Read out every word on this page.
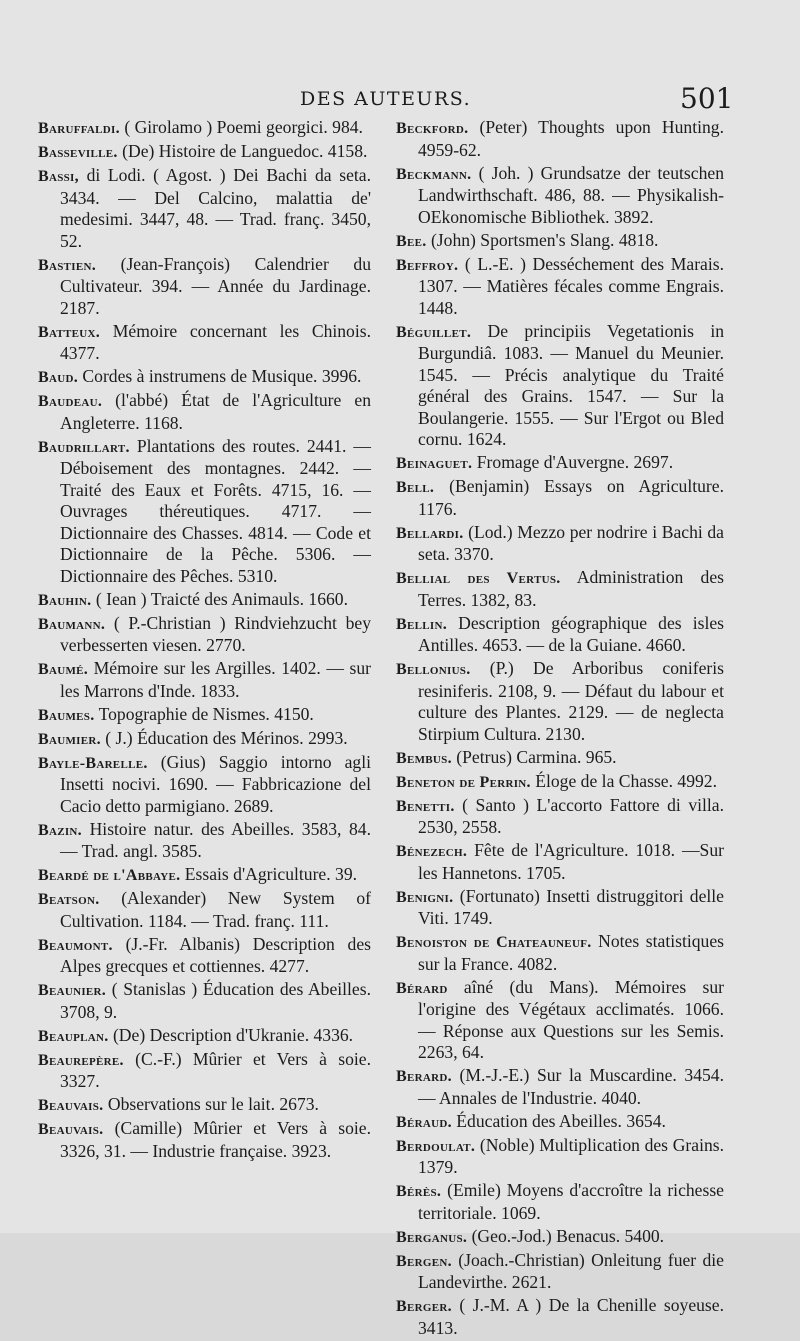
DES AUTEURS.	501

Baruffaldi. ( Girolamo ) Poemi georgici. 984.

Basseville. (De) Histoire de Languedoc. 4158.

Bassi, di Lodi. ( Agost. ) Dei Bachi da seta. 3434. — Del Calcino, malattia de' medesimi. 3447, 48. — Trad. franç. 3450, 52.

Bastien. (Jean-François) Calendrier du Cultivateur. 394. — Année du Jardinage. 2187.

Batteux. Mémoire concernant les Chinois. 4377.

Baud. Cordes à instrumens de Musique. 3996.

Baudeau. (l'abbé) État de l'Agriculture en Angleterre. 1168.

Baudrillart. Plantations des routes. 2441. — Déboisement des montagnes. 2442. — Traité des Eaux et Forêts. 4715, 16. — Ouvrages théreutiques. 4717. — Dictionnaire des Chasses. 4814. — Code et Dictionnaire de la Pêche. 5306. — Dictionnaire des Pêches. 5310.

Bauhin. ( Iean ) Traicté des Animauls. 1660.

Baumann. ( P.-Christian ) Rindviehzucht bey verbesserten viesen. 2770.

Baumé. Mémoire sur les Argilles. 1402. — sur les Marrons d'Inde. 1833.

Baumes. Topographie de Nismes. 4150.

Baumier. ( J.) Éducation des Mérinos. 2993.

Bayle-Barelle. (Gius) Saggio intorno agli Insetti nocivi. 1690. — Fabbricazione del Cacio detto parmigiano. 2689.

Bazin. Histoire natur. des Abeilles. 3583, 84. — Trad. angl. 3585.

Beardé de l'Abbaye. Essais d'Agriculture. 39.

Beatson. (Alexander) New System of Cultivation. 1184. — Trad. franç. 111.

Beaumont. (J.-Fr. Albanis) Description des Alpes grecques et cottiennes. 4277.

Beaunier. ( Stanislas ) Éducation des Abeilles. 3708, 9.

Beauplan. (De) Description d'Ukranie. 4336.

Beaurepère. (C.-F.) Mûrier et Vers à soie. 3327.

Beauvais. Observations sur le lait. 2673.

Beauvais. (Camille) Mûrier et Vers à soie. 3326, 31. — Industrie française. 3923.

Beckford. (Peter) Thoughts upon Hunting. 4959-62.

Beckmann. ( Joh. ) Grundsatze der teutschen Landwirthschaft. 486, 88. — Physikalish-OEkonomische Bibliothek. 3892.

Bee. (John) Sportsmen's Slang. 4818.

Beffroy. ( L.-E. ) Desséchement des Marais. 1307. — Matières fécales comme Engrais. 1448.

Béguillet. De principiis Vegetationis in Burgundiâ. 1083. — Manuel du Meunier. 1545. — Précis analytique du Traité général des Grains. 1547. — Sur la Boulangerie. 1555. — Sur l'Ergot ou Bled cornu. 1624.

Beinaguet. Fromage d'Auvergne. 2697.

Bell. (Benjamin) Essays on Agriculture. 1176.

Bellardi. (Lod.) Mezzo per nodrire i Bachi da seta. 3370.

Bellial des Vertus. Administration des Terres. 1382, 83.

Bellin. Description géographique des isles Antilles. 4653. — de la Guiane. 4660.

Bellonius. (P.) De Arboribus coniferis resiniferis. 2108, 9. — Défaut du labour et culture des Plantes. 2129. — de neglecta Stirpium Cultura. 2130.

Bembus. (Petrus) Carmina. 965.

Beneton de Perrin. Éloge de la Chasse. 4992.

Benetti. ( Santo ) L'accorto Fattore di villa. 2530, 2558.

Bénezech. Fête de l'Agriculture. 1018. —Sur les Hannetons. 1705.

Benigni. (Fortunato) Insetti distruggitori delle Viti. 1749.

Benoiston de Chateauneuf. Notes statistiques sur la France. 4082.

Bérard aîné (du Mans). Mémoires sur l'origine des Végétaux acclimatés. 1066. — Réponse aux Questions sur les Semis. 2263, 64.

Berard. (M.-J.-E.) Sur la Muscardine. 3454. — Annales de l'Industrie. 4040.

Béraud. Éducation des Abeilles. 3654.

Berdoulat. (Noble) Multiplication des Grains. 1379.

Bérès. (Emile) Moyens d'accroître la richesse territoriale. 1069.

Berganus. (Geo.-Jod.) Benacus. 5400.

Bergen. (Joach.-Christian) Onleitung fuer die Landevirthe. 2621.

Berger. ( J.-M. A ) De la Chenille soyeuse. 3413.
